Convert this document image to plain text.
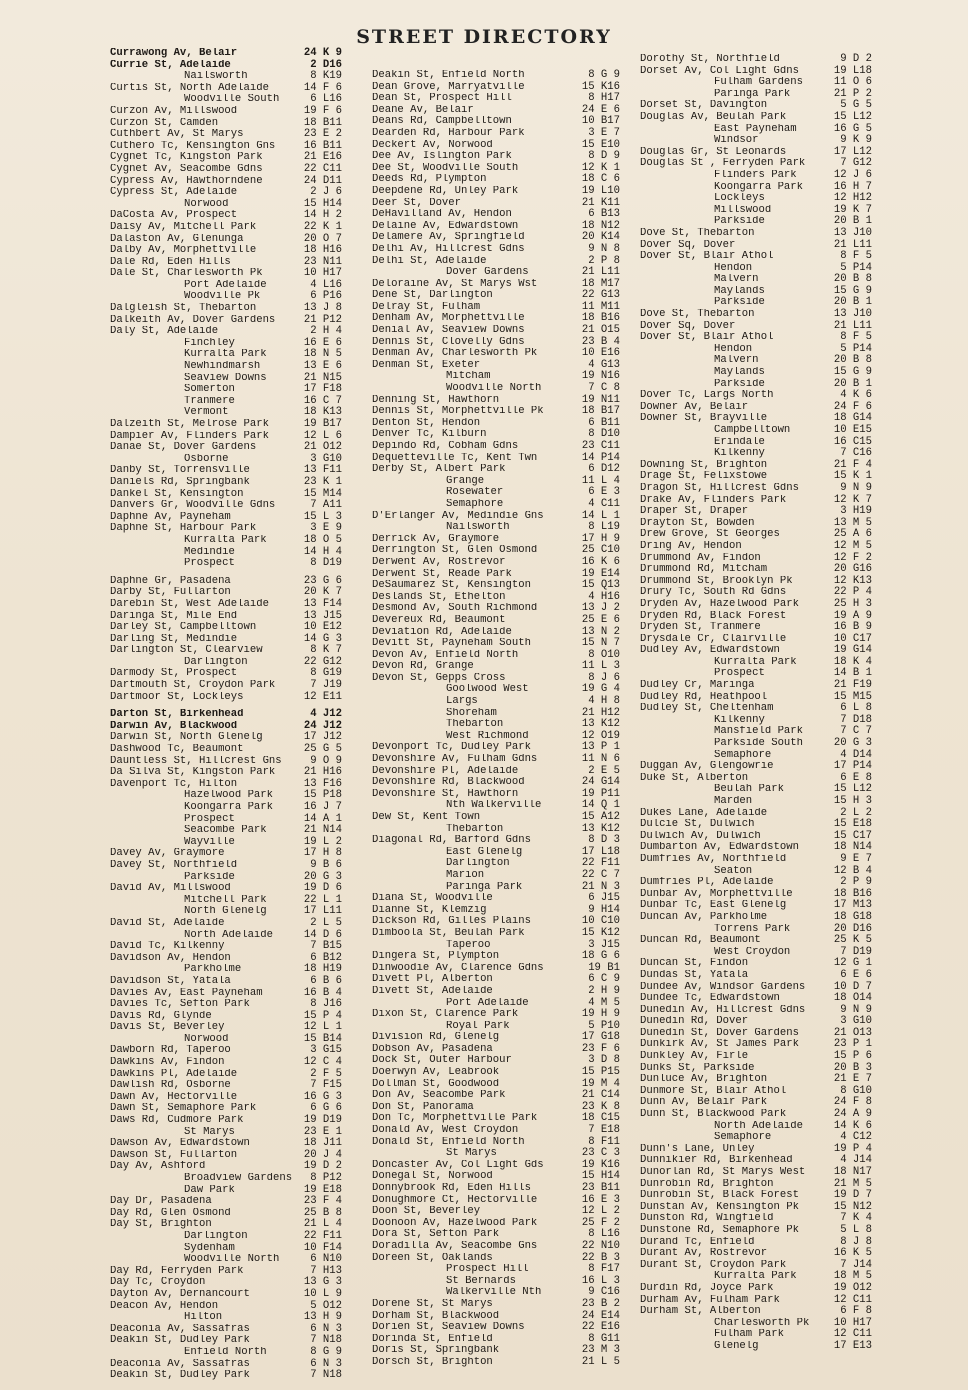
STREET DIRECTORY
Currawong Av, Belair	24 K 9
Currie St, Adelaide	2 D16
Nailsworth	8 K19
Curtis St, North Adelaide	14 F 6
Woodville South	6 L16
Curzon Av, Millswood	19 F 6
Curzon St, Camden	18 B11
Cuthbert Av, St Marys	23 E 2
Cuthero Tc, Kensington Gns	16 B11
Cygnet Tc, Kingston Park	21 E16
Cygnet Av, Seacombe Gdns	22 C11
Cypress Av, Hawthorndene	24 D11
Cypress St, Adelaide	2 J 6
Norwood	15 H14
DaCosta Av, Prospect	14 H 2
Daisy Av, Mitchell Park	22 K 1
Dalaston Av, Glenunga	20 O 7
Dalby Av, Morphettville	18 H16
Dale Rd, Eden Hills	23 N11
Dale St, Charlesworth Pk	10 H17
Port Adelaide	4 L16
Woodville Pk	6 P16
Dalgleish St, Thebarton	13 J 8
Dalkeith Av, Dover Gardens	21 P12
Daly St, Adelaide	2 H 4
Finchley	16 E 6
Kurralta Park	18 N 5
Newhindmarsh	13 E 6
Seaview Downs	21 N15
Somerton	17 F18
Tranmere	16 C 7
Vermont	18 K13
Dalzeith St, Melrose Park	19 B17
Dampier Av, Flinders Park	12 L 6
Danae St, Dover Gardens	21 O12
Osborne	3 G10
Danby St, Torrensville	13 F11
Daniels Rd, Springbank	23 K 1
Dankel St, Kensington	15 M14
Danvers Gr, Woodville Gdns	7 A11
Daphne Av, Payneham	15 L 3
Daphne St, Harbour Park	3 E 9
Kurralta Park	18 O 5
Medindie	14 H 4
Prospect	8 D19
Daphne Gr, Pasadena	23 G 6
Darby St, Fullarton	20 K 7
Darebin St, West Adelaide	13 F14
Daringa St, Mile End	13 J15
Darley St, Campbelltown	10 E12
Darling St, Medindie	14 G 3
Darlington St, Clearview	8 K 7
Darlington	22 G12
Darmody St, Prospect	8 G19
Dartmouth St, Croydon Park	7 J19
Dartmoor St, Lockleys	12 E11
Darton St, Birkenhead	4 J12
Darwin Av, Blackwood	24 J12
Darwin St, North Glenelg	17 J12
Dashwood Tc, Beaumont	25 G 5
Dauntless St, Hillcrest Gns	9 O 9
Da Silva St, Kingston Park	21 H16
Davenport Tc, Hilton	13 F16
Hazelwood Park	15 P18
Koongarra Park	16 J 7
Prospect	14 A 1
Seacombe Park	21 N14
Wayville	19 L 2
Davey Av, Graymore	17 H 8
Davey St, Northfield	9 B 6
Parkside	20 G 3
David Av, Millswood	19 D 6
Mitchell Park	22 L 1
North Glenelg	17 L11
David St, Adelaide	2 L 5
North Adelaide	14 D 6
David Tc, Kilkenny	7 B15
Davidson Av, Hendon	6 B12
Parkholme	18 H19
Davidson St, Yatala	6 B 6
Davies Av, East Payneham	16 B 4
Davies Tc, Sefton Park	8 J16
Davis Rd, Glynde	15 P 4
Davis St, Beverley	12 L 1
Norwood	15 B14
Dawborn Rd, Taperoo	3 G15
Dawkins Av, Findon	12 C 4
Dawkins Pl, Adelaide	2 F 5
Dawlish Rd, Osborne	7 F15
Dawn Av, Hectorville	16 G 3
Dawn St, Semaphore Park	6 G 6
Daws Rd, Cudmore Park	19 D19
St Marys	23 E 1
Dawson Av, Edwardstown	18 J11
Dawson St, Fullarton	20 J 4
Day Av, Ashford	19 D 2
Broadview Gardens	8 P12
Daw Park	19 E18
Day Dr, Pasadena	23 F 4
Day Rd, Glen Osmond	25 B 8
Day St, Brighton	21 L 4
Darlington	22 F11
Sydenham	10 F14
Woodville North	6 N10
Day Rd, Ferryden Park	7 H13
Day Tc, Croydon	13 G 3
Dayton Av, Dernancourt	10 L 9
Deacon Av, Hendon	5 O12
Hilton	13 H 9
Deaconia Av, Sassafras	6 N 3
Deakin St, Dudley Park	7 N18
Enfield North	8 G 9
Deaconia Av, Sassafras	6 N 3
Deakin St, Dudley Park	7 N18
Deakin St, Enfield North	8 G 9
Dean Grove, Marryatville	15 K16
Dean St, Prospect Hill	8 H17
Deane Av, Belair	24 E 6
Deans Rd, Campbelltown	10 B17
Dearden Rd, Harbour Park	3 E 7
Deckert Av, Norwood	15 E10
Dee Av, Islington Park	8 D 9
Dee St, Woodville South	12 K 1
Deeds Rd, Plympton	18 C 6
Deepdene Rd, Unley Park	19 L10
Deer St, Dover	21 K11
DeHavilland Av, Hendon	6 B13
Delaine Av, Edwardstown	18 N12
Delamere Av, Springfield	20 K14
Delhi Av, Hillcrest Gdns	9 N 8
Delhi St, Adelaide	2 P 8
Dover Gardens	21 L11
Deloraine Av, St Marys Wst	18 M17
Dene St, Darlington	22 G13
Delray St, Fulham	11 M11
Denham Av, Morphettville	18 B16
Denial Av, Seaview Downs	21 O15
Dennis St, Clovelly Gdns	23 B 4
Denman Av, Charlesworth Pk	10 E16
Denman St, Exeter	4 G13
Mitcham	19 N16
Woodville North	7 C 8
Denning St, Hawthorn	19 N11
Dennis St, Morphettville Pk	18 B17
Denton St, Hendon	6 B11
Denver Tc, Kilburn	8 D10
Depindo Rd, Cobham Gdns	23 C11
Dequetteville Tc, Kent Twn	14 P14
Derby St, Albert Park	6 D12
Grange	11 L 4
Rosewater	6 E 3
Semaphore	4 C11
D'Erlanger Av, Medindie Gns	14 L 1
Nailsworth	8 L19
Derrick Av, Graymore	17 H 9
Derrington St, Glen Osmond	25 C10
Derwent Av, Rostrevor	16 K 6
Derwent St, Reade Park	19 E14
DeSaumarez St, Kensington	15 Q13
Deslands St, Ethelton	4 H16
Desmond Av, South Richmond	13 J 2
Devereux Rd, Beaumont	25 E 6
Deviation Rd, Adelaide	13 N 2
Devitt St, Payneham South	15 N 7
Devon Av, Enfield North	8 O10
Devon Rd, Grange	11 L 3
Devon St, Gepps Cross	8 J 6
Goolwood West	19 G 4
Largs	4 H 8
Shoreham	21 H12
Thebarton	13 K12
West Richmond	12 O19
Devonport Tc, Dudley Park	13 P 1
Devonshire Av, Fulham Gdns	11 N 6
Devonshire Pl, Adelaide	2 E 5
Devonshire Rd, Blackwood	24 G14
Devonshire St, Hawthorn	19 P11
Nth Walkerville	14 Q 1
Dew St, Kent Town	15 A12
Thebarton	13 K12
Diagonal Rd, Barford Gdns	8 D 3
East Glenelg	17 L18
Darlington	22 F11
Marion	22 C 7
Paringa Park	21 N 3
Diana St, Woodville	6 J15
Dianne St, Klemzig	9 H14
Dickson Rd, Gilles Plains	10 C10
Dimboola St, Beulah Park	15 K12
Taperoo	3 J15
Dingera St, Plympton	18 G 6
Dinwoodie Av, Clarence Gdns	19 B1
Divett Pl, Alberton	6 C 9
Divett St, Adelaide	2 H 9
Port Adelaide	4 M 5
Dixon St, Clarence Park	19 H 9
Royal Park	5 P10
Division Rd, Glenelg	17 G18
Dobson Av, Pasadena	23 F 6
Dock St, Outer Harbour	3 D 8
Doerwyn Av, Leabrook	15 P15
Dollman St, Goodwood	19 M 4
Don Av, Seacombe Park	21 C14
Don St, Panorama	23 K 8
Don Tc, Morphettville Park	18 C15
Donald Av, West Croydon	7 E18
Donald St, Enfield North	8 F11
St Marys	23 C 3
Doncaster Av, Col Light Gds	19 K16
Donegal St, Norwood	15 H14
Donnybrook Rd, Eden Hills	23 B11
Donughmore Ct, Hectorville	16 E 3
Doon St, Beverley	12 L 2
Doonoon Av, Hazelwood Park	25 F 2
Dora St, Sefton Park	8 L16
Doradilla Av, Seacombe Gns	22 N10
Doreen St, Oaklands	22 B 3
Prospect Hill	8 F17
St Bernards	16 L 3
Walkerville Nth	9 C16
Dorene St, St Marys	23 B 2
Dorham St, Blackwood	24 E14
Dorien St, Seaview Downs	22 E16
Dorinda St, Enfield	8 G11
Doris St, Springbank	23 M 3
Dorsch St, Brighton	21 L 5
Dorothy St, Northfield	9 D 2
Dorset Av, Col Light Gdns	19 L18
Fulham Gardens	11 O 6
Paringa Park	21 P 2
Dorset St, Davington	5 G 5
Douglas Av, Beulah Park	15 L12
East Payneham	16 G 5
Windsor	9 K 9
Douglas Gr, St Leonards	17 L12
Douglas St , Ferryden Park	7 G12
Flinders Park	12 J 6
Koongarra Park	16 H 7
Lockleys	12 H12
Millswood	19 K 7
Parkside	20 B 1
Dove St, Thebarton	13 J10
Dover Sq, Dover	21 L11
Dover St, Blair Athol	8 F 5
Hendon	5 P14
Malvern	20 B 8
Maylands	15 G 9
Parkside	20 B 1
Dove St, Thebarton	13 J10
Dover Sq, Dover	21 L11
Dover St, Blair Athol	8 F 5
Hendon	5 P14
Malvern	20 B 8
Maylands	15 G 9
Parkside	20 B 1
Dover Tc, Largs North	4 K 6
Downer Av, Belair	24 F 6
Downer St, Brayville	18 G14
Campbelltown	10 E15
Erindale	16 C15
Kilkenny	7 C16
Downing St, Brighton	21 F 4
Drage St, Felixstowe	15 K 1
Dragon St, Hillcrest Gdns	9 N 9
Drake Av, Flinders Park	12 K 7
Draper St, Draper	3 H19
Drayton St, Bowden	13 M 5
Drew Grove, St Georges	25 A 6
Dring Av, Hendon	12 M 5
Drummond Av, Findon	12 F 2
Drummond Rd, Mitcham	20 G16
Drummond St, Brooklyn Pk	12 K13
Drury Tc, South Rd Gdns	22 P 4
Dryden Av, Hazelwood Park	25 H 3
Dryden Rd, Black Forest	19 A 9
Dryden St, Tranmere	16 B 9
Drysdale Cr, Clairville	10 C17
Dudley Av, Edwardstown	19 G14
Kurralta Park	18 K 4
Prospect	14 B 1
Dudley Cr, Maringa	21 F19
Dudley Rd, Heathpool	15 M15
Dudley St, Cheltenham	6 L 8
Kilkenny	7 D18
Mansfield Park	7 C 7
Parkside South	20 G 3
Semaphore	4 D14
Duggan Av, Glengowrie	17 P14
Duke St, Alberton	6 E 8
Beulah Park	15 L12
Marden	15 H 3
Dukes Lane, Adelaide	2 L 2
Dulcie St, Dulwich	15 E18
Dulwich Av, Dulwich	15 C17
Dumbarton Av, Edwardstown	18 N14
Dumfries Av, Northfield	9 E 7
Seaton	12 B 4
Dumfries Pl, Adelaide	2 P 9
Dunbar Av, Morphettville	18 B16
Dunbar Tc, East Glenelg	17 M13
Duncan Av, Parkholme	18 G18
Torrens Park	20 D16
Duncan Rd, Beaumont	25 K 5
West Croydon	7 D19
Duncan St, Findon	12 G 1
Dundas St, Yatala	6 E 6
Dundee Av, Windsor Gardens	10 D 7
Dundee Tc, Edwardstown	18 O14
Dunedin Av, Hillcrest Gdns	9 N 9
Dunedin Rd, Dover	3 G10
Dunedin St, Dover Gardens	21 O13
Dunkirk Av, St James Park	23 P 1
Dunkley Av, Firle	15 P 6
Dunks St, Parkside	20 B 3
Dunluce Av, Brighton	21 E 7
Dunmore St, Blair Athol	8 G10
Dunn Av, Belair Park	24 F 8
Dunn St, Blackwood Park	24 A 9
North Adelaide	14 K 6
Semaphore	4 C12
Dunn's Lane, Unley	19 P 4
Dunnikier Rd, Birkenhead	4 J14
Dunorlan Rd, St Marys West	18 N17
Dunrobin Rd, Brighton	21 M 5
Dunrobin St, Black Forest	19 D 7
Dunstan Av, Kensington Pk	15 N12
Dunston Rd, Wingfield	7 K 4
Dunstone Rd, Semaphore Pk	5 L 8
Durand Tc, Enfield	8 J 8
Durant Av, Rostrevor	16 K 5
Durant St, Croydon Park	7 J14
Kurralta Park	18 M 5
Durdin Rd, Joyce Park	19 O12
Durham Av, Fulham Park	12 C11
Durham St, Alberton	6 F 8
Charlesworth Pk	10 H17
Fulham Park	12 C11
Glenelg	17 E13
